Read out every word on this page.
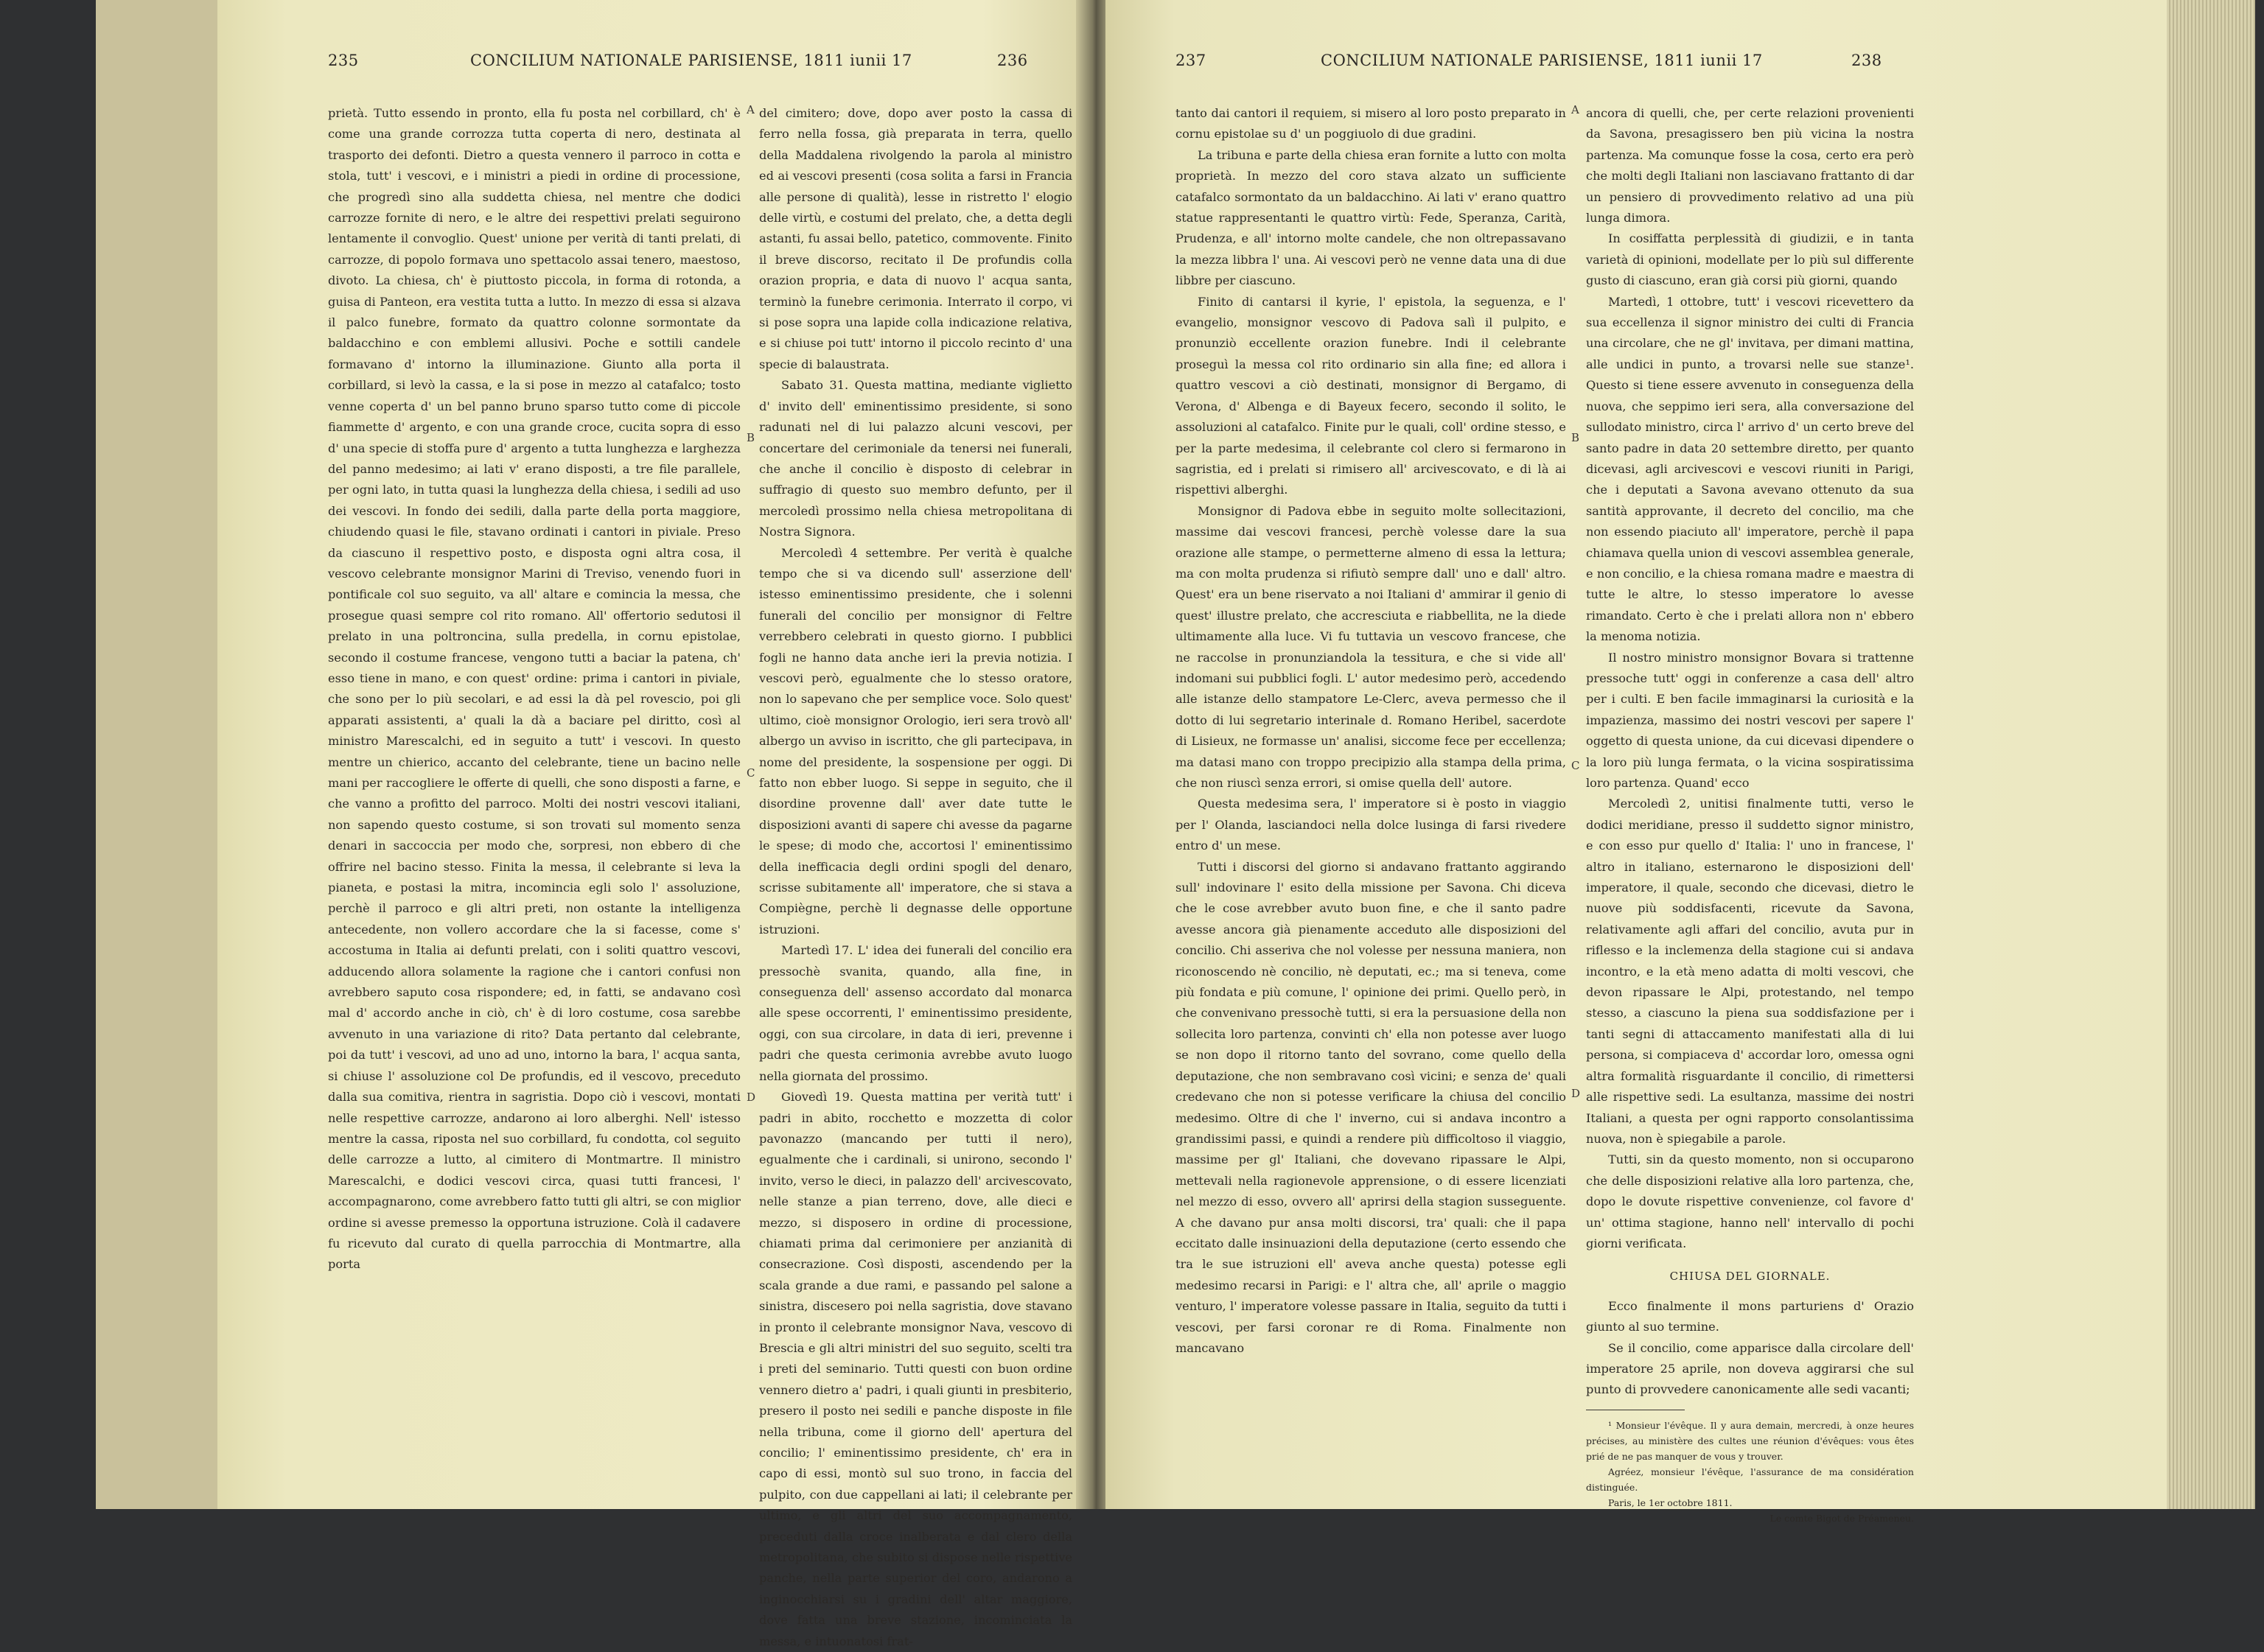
235	CONCILIUM NATIONALE PARISIENSE, 1811 iunii 17	236

prietà. Tutto essendo in pronto, ella fu posta nel corbillard, ch' è come una grande corrozza tutta coperta di nero, destinata al trasporto dei defonti. Dietro a questa vennero il parroco in cotta e stola, tutt' i vescovi, e i ministri a piedi in ordine di processione, che progredì sino alla suddetta chiesa, nel mentre che dodici carrozze fornite di nero, e le altre dei respettivi prelati seguirono lentamente il convoglio. Quest' unione per verità di tanti prelati, di carrozze, di popolo formava uno spettacolo assai tenero, maestoso, divoto. La chiesa, ch' è piuttosto piccola, in forma di rotonda, a guisa di Panteon, era vestita tutta a lutto. In mezzo di essa si alzava il palco funebre, formato da quattro colonne sormontate da baldacchino e con emblemi allusivi. Poche e sottili candele formavano d' intorno la illuminazione. Giunto alla porta il corbillard, si levò la cassa, e la si pose in mezzo al catafalco; tosto venne coperta d' un bel panno bruno sparso tutto come di piccole fiammette d' argento, e con una grande croce, cucita sopra di esso d' una specie di stoffa pure d' argento a tutta lunghezza e larghezza del panno medesimo; ai lati v' erano disposti, a tre file parallele, per ogni lato, in tutta quasi la lunghezza della chiesa, i sedili ad uso dei vescovi. In fondo dei sedili, dalla parte della porta maggiore, chiudendo quasi le file, stavano ordinati i cantori in piviale. Preso da ciascuno il respettivo posto, e disposta ogni altra cosa, il vescovo celebrante monsignor Marini di Treviso, venendo fuori in pontificale col suo seguito, va all' altare e comincia la messa, che prosegue quasi sempre col rito romano. All' offertorio sedutosi il prelato in una poltroncina, sulla predella, in cornu epistolae, secondo il costume francese, vengono tutti a baciar la patena, ch' esso tiene in mano, e con quest' ordine: prima i cantori in piviale, che sono per lo più secolari, e ad essi la dà pel rovescio, poi gli apparati assistenti, a' quali la dà a baciare pel diritto, così al ministro Marescalchi, ed in seguito a tutt' i vescovi. In questo mentre un chierico, accanto del celebrante, tiene un bacino nelle mani per raccogliere le offerte di quelli, che sono disposti a farne, e che vanno a profitto del parroco. Molti dei nostri vescovi italiani, non sapendo questo costume, si son trovati sul momento senza denari in saccoccia per modo che, sorpresi, non ebbero di che offrire nel bacino stesso. Finita la messa, il celebrante si leva la pianeta, e postasi la mitra, incomincia egli solo l' assoluzione, perchè il parroco e gli altri preti, non ostante la intelligenza antecedente, non vollero accordare che la si facesse, come s' accostuma in Italia ai defunti prelati, con i soliti quattro vescovi, adducendo allora solamente la ragione che i cantori confusi non avrebbero saputo cosa rispondere; ed, in fatti, se andavano così mal d' accordo anche in ciò, ch' è di loro costume, cosa sarebbe avvenuto in una variazione di rito? Data pertanto dal celebrante, poi da tutt' i vescovi, ad uno ad uno, intorno la bara, l' acqua santa, si chiuse l' assoluzione col De profundis, ed il vescovo, preceduto dalla sua comitiva, rientra in sagristia. Dopo ciò i vescovi, montati nelle respettive carrozze, andarono ai loro alberghi. Nell' istesso mentre la cassa, riposta nel suo corbillard, fu condotta, col seguito delle carrozze a lutto, al cimitero di Montmartre. Il ministro Marescalchi, e dodici vescovi circa, quasi tutti francesi, l' accompagnarono, come avrebbero fatto tutti gli altri, se con miglior ordine si avesse premesso la opportuna istruzione. Colà il cadavere fu ricevuto dal curato di quella parrocchia di Montmartre, alla porta

A
B
C
D

del cimitero; dove, dopo aver posto la cassa di ferro nella fossa, già preparata in terra, quello della Maddalena rivolgendo la parola al ministro ed ai vescovi presenti (cosa solita a farsi in Francia alle persone di qualità), lesse in ristretto l' elogio delle virtù, e costumi del prelato, che, a detta degli astanti, fu assai bello, patetico, commovente. Finito il breve discorso, recitato il De profundis colla orazion propria, e data di nuovo l' acqua santa, terminò la funebre cerimonia. Interrato il corpo, vi si pose sopra una lapide colla indicazione relativa, e si chiuse poi tutt' intorno il piccolo recinto d' una specie di balaustrata.

Sabato 31. Questa mattina, mediante viglietto d' invito dell' eminentissimo presidente, si sono radunati nel di lui palazzo alcuni vescovi, per concertare del cerimoniale da tenersi nei funerali, che anche il concilio è disposto di celebrar in suffragio di questo suo membro defunto, per il mercoledì prossimo nella chiesa metropolitana di Nostra Signora.

Mercoledì 4 settembre. Per verità è qualche tempo che si va dicendo sull' asserzione dell' istesso eminentissimo presidente, che i solenni funerali del concilio per monsignor di Feltre verrebbero celebrati in questo giorno. I pubblici fogli ne hanno data anche ieri la previa notizia. I vescovi però, egualmente che lo stesso oratore, non lo sapevano che per semplice voce. Solo quest' ultimo, cioè monsignor Orologio, ieri sera trovò all' albergo un avviso in iscritto, che gli partecipava, in nome del presidente, la sospensione per oggi. Di fatto non ebber luogo. Si seppe in seguito, che il disordine provenne dall' aver date tutte le disposizioni avanti di sapere chi avesse da pagarne le spese; di modo che, accortosi l' eminentissimo della inefficacia degli ordini spogli del denaro, scrisse subitamente all' imperatore, che si stava a Compiègne, perchè li degnasse delle opportune istruzioni.

Martedì 17. L' idea dei funerali del concilio era pressochè svanita, quando, alla fine, in conseguenza dell' assenso accordato dal monarca alle spese occorrenti, l' eminentissimo presidente, oggi, con sua circolare, in data di ieri, prevenne i padri che questa cerimonia avrebbe avuto luogo nella giornata del prossimo.

Giovedì 19. Questa mattina per verità tutt' i padri in abito, rocchetto e mozzetta di color pavonazzo (mancando per tutti il nero), egualmente che i cardinali, si unirono, secondo l' invito, verso le dieci, in palazzo dell' arcivescovato, nelle stanze a pian terreno, dove, alle dieci e mezzo, si disposero in ordine di processione, chiamati prima dal cerimoniere per anzianità di consecrazione. Così disposti, ascendendo per la scala grande a due rami, e passando pel salone a sinistra, discesero poi nella sagristia, dove stavano in pronto il celebrante monsignor Nava, vescovo di Brescia e gli altri ministri del suo seguito, scelti tra i preti del seminario. Tutti questi con buon ordine vennero dietro a' padri, i quali giunti in presbiterio, presero il posto nei sedili e panche disposte in file nella tribuna, come il giorno dell' apertura del concilio; l' eminentissimo presidente, ch' era in capo di essi, montò sul suo trono, in faccia del pulpito, con due cappellani ai lati; il celebrante per ultimo, e gli altri del suo accompagnamento, preceduti dalla croce inalberata e dal clero della metropolitana, che subito si dispose nelle rispettive panche, nella parte superior del coro, andarono a inginocchiarsi su i gradini dell' altar maggiore, dove fatta una breve stazione, incominciata la messa, e intuonatosi frat-

237	CONCILIUM NATIONALE PARISIENSE, 1811 iunii 17	238

tanto dai cantori il requiem, si misero al loro posto preparato in cornu epistolae su d' un poggiuolo di due gradini.

La tribuna e parte della chiesa eran fornite a lutto con molta proprietà. In mezzo del coro stava alzato un sufficiente catafalco sormontato da un baldacchino. Ai lati v' erano quattro statue rappresentanti le quattro virtù: Fede, Speranza, Carità, Prudenza, e all' intorno molte candele, che non oltrepassavano la mezza libbra l' una. Ai vescovi però ne venne data una di due libbre per ciascuno.

Finito di cantarsi il kyrie, l' epistola, la seguenza, e l' evangelio, monsignor vescovo di Padova salì il pulpito, e pronunziò eccellente orazion funebre. Indi il celebrante proseguì la messa col rito ordinario sin alla fine; ed allora i quattro vescovi a ciò destinati, monsignor di Bergamo, di Verona, d' Albenga e di Bayeux fecero, secondo il solito, le assoluzioni al catafalco. Finite pur le quali, coll' ordine stesso, e per la parte medesima, il celebrante col clero si fermarono in sagristia, ed i prelati si rimisero all' arcivescovato, e di là ai rispettivi alberghi.

Monsignor di Padova ebbe in seguito molte sollecitazioni, massime dai vescovi francesi, perchè volesse dare la sua orazione alle stampe, o permetterne almeno di essa la lettura; ma con molta prudenza si rifiutò sempre dall' uno e dall' altro. Quest' era un bene riservato a noi Italiani d' ammirar il genio di quest' illustre prelato, che accresciuta e riabbellita, ne la diede ultimamente alla luce. Vi fu tuttavia un vescovo francese, che ne raccolse in pronunziandola la tessitura, e che si vide all' indomani sui pubblici fogli. L' autor medesimo però, accedendo alle istanze dello stampatore Le-Clerc, aveva permesso che il dotto di lui segretario interinale d. Romano Heribel, sacerdote di Lisieux, ne formasse un' analisi, siccome fece per eccellenza; ma datasi mano con troppo precipizio alla stampa della prima, che non riuscì senza errori, si omise quella dell' autore.

Questa medesima sera, l' imperatore si è posto in viaggio per l' Olanda, lasciandoci nella dolce lusinga di farsi rivedere entro d' un mese.

Tutti i discorsi del giorno si andavano frattanto aggirando sull' indovinare l' esito della missione per Savona. Chi diceva che le cose avrebber avuto buon fine, e che il santo padre avesse ancora già pienamente acceduto alle disposizioni del concilio. Chi asseriva che nol volesse per nessuna maniera, non riconoscendo nè concilio, nè deputati, ec.; ma si teneva, come più fondata e più comune, l' opinione dei primi. Quello però, in che convenivano pressochè tutti, si era la persuasione della non sollecita loro partenza, convinti ch' ella non potesse aver luogo se non dopo il ritorno tanto del sovrano, come quello della deputazione, che non sembravano così vicini; e senza de' quali credevano che non si potesse verificare la chiusa del concilio medesimo. Oltre di che l' inverno, cui si andava incontro a grandissimi passi, e quindi a rendere più difficoltoso il viaggio, massime per gl' Italiani, che dovevano ripassare le Alpi, mettevali nella ragionevole apprensione, o di essere licenziati nel mezzo di esso, ovvero all' aprirsi della stagion susseguente. A che davano pur ansa molti discorsi, tra' quali: che il papa eccitato dalle insinuazioni della deputazione (certo essendo che tra le sue istruzioni ell' aveva anche questa) potesse egli medesimo recarsi in Parigi: e l' altra che, all' aprile o maggio venturo, l' imperatore volesse passare in Italia, seguito da tutti i vescovi, per farsi coronar re di Roma. Finalmente non mancavano

A
B
C
D

ancora di quelli, che, per certe relazioni provenienti da Savona, presagissero ben più vicina la nostra partenza. Ma comunque fosse la cosa, certo era però che molti degli Italiani non lasciavano frattanto di dar un pensiero di provvedimento relativo ad una più lunga dimora.

In cosiffatta perplessità di giudizii, e in tanta varietà di opinioni, modellate per lo più sul differente gusto di ciascuno, eran già corsi più giorni, quando

Martedì, 1 ottobre, tutt' i vescovi ricevettero da sua eccellenza il signor ministro dei culti di Francia una circolare, che ne gl' invitava, per dimani mattina, alle undici in punto, a trovarsi nelle sue stanze¹. Questo si tiene essere avvenuto in conseguenza della nuova, che seppimo ieri sera, alla conversazione del sullodato ministro, circa l' arrivo d' un certo breve del santo padre in data 20 settembre diretto, per quanto dicevasi, agli arcivescovi e vescovi riuniti in Parigi, che i deputati a Savona avevano ottenuto da sua santità approvante, il decreto del concilio, ma che non essendo piaciuto all' imperatore, perchè il papa chiamava quella union di vescovi assemblea generale, e non concilio, e la chiesa romana madre e maestra di tutte le altre, lo stesso imperatore lo avesse rimandato. Certo è che i prelati allora non n' ebbero la menoma notizia.

Il nostro ministro monsignor Bovara si trattenne pressoche tutt' oggi in conferenze a casa dell' altro per i culti. E ben facile immaginarsi la curiosità e la impazienza, massimo dei nostri vescovi per sapere l' oggetto di questa unione, da cui dicevasi dipendere o la loro più lunga fermata, o la vicina sospiratissima loro partenza. Quand' ecco

Mercoledì 2, unitisi finalmente tutti, verso le dodici meridiane, presso il suddetto signor ministro, e con esso pur quello d' Italia: l' uno in francese, l' altro in italiano, esternarono le disposizioni dell' imperatore, il quale, secondo che dicevasi, dietro le nuove più soddisfacenti, ricevute da Savona, relativamente agli affari del concilio, avuta pur in riflesso e la inclemenza della stagione cui si andava incontro, e la età meno adatta di molti vescovi, che devon ripassare le Alpi, protestando, nel tempo stesso, a ciascuno la piena sua soddisfazione per i tanti segni di attaccamento manifestati alla di lui persona, si compiaceva d' accordar loro, omessa ogni altra formalità risguardante il concilio, di rimettersi alle rispettive sedi. La esultanza, massime dei nostri Italiani, a questa per ogni rapporto consolantissima nuova, non è spiegabile a parole.

Tutti, sin da questo momento, non si occuparono che delle disposizioni relative alla loro partenza, che, dopo le dovute rispettive convenienze, col favore d' un' ottima stagione, hanno nell' intervallo di pochi giorni verificata.

CHIUSA DEL GIORNALE.

Ecco finalmente il mons parturiens d' Orazio giunto al suo termine.

Se il concilio, come apparisce dalla circolare dell' imperatore 25 aprile, non doveva aggirarsi che sul punto di provvedere canonicamente alle sedi vacanti;

¹ Monsieur l'évêque. Il y aura demain, mercredi, à onze heures précises, au ministère des cultes une réunion d'évêques: vous êtes prié de ne pas manquer de vous y trouver.

Agréez, monsieur l'évêque, l'assurance de ma considération distinguée.

Paris, le 1er octobre 1811.

Le comte Bigot de Préameneu.
